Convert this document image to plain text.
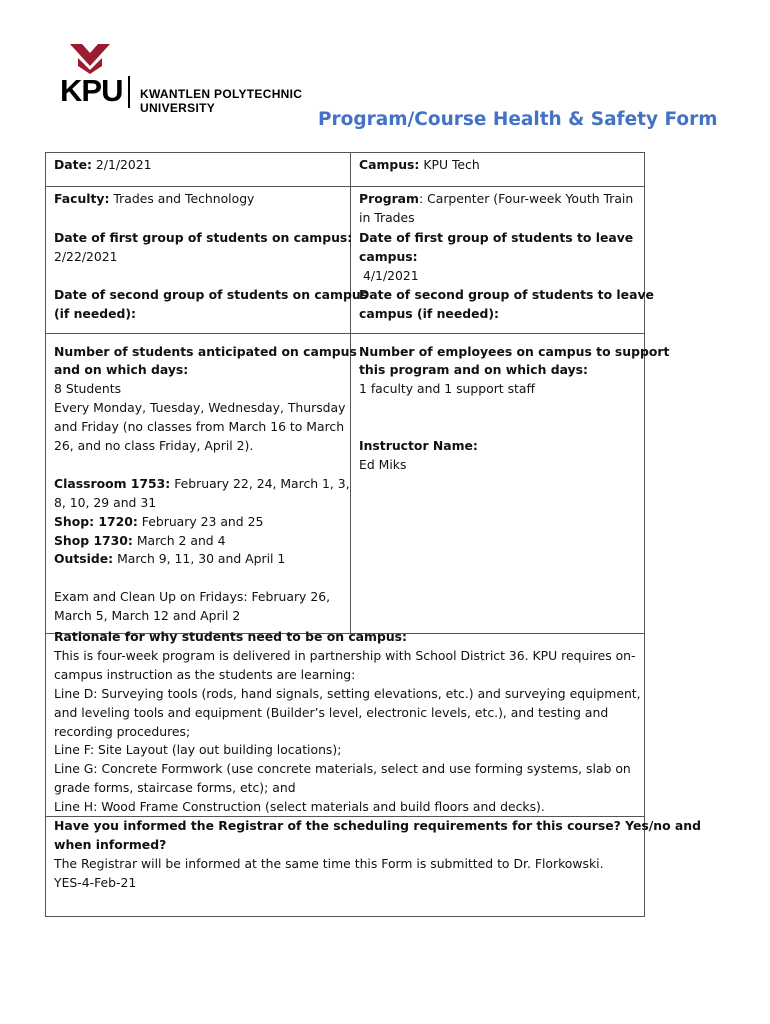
KPU KWANTLEN POLYTECHNIC UNIVERSITY
Program/Course Health & Safety Form
Date: 2/1/2021	Campus: KPU Tech
Faculty: Trades and Technology
Date of first group of students on campus:
2/22/2021
Date of second group of students on campus
(if needed):
Program: Carpenter (Four-week Youth Train
in Trades
Date of first group of students to leave
campus:
4/1/2021
Date of second group of students to leave
campus (if needed):
Number of students anticipated on campus
and on which days:
8 Students
Every Monday, Tuesday, Wednesday, Thursday
and Friday (no classes from March 16 to March
26, and no class Friday, April 2).
Classroom 1753: February 22, 24, March 1, 3,
8, 10, 29 and 31
Shop: 1720: February 23 and 25
Shop 1730: March 2 and 4
Outside: March 9, 11, 30 and April 1
Exam and Clean Up on Fridays: February 26,
March 5, March 12 and April 2
Number of employees on campus to support
this program and on which days:
1 faculty and 1 support staff
Instructor Name:
Ed Miks
Rationale for why students need to be on campus:
This is four-week program is delivered in partnership with School District 36. KPU requires on-
campus instruction as the students are learning:
Line D: Surveying tools (rods, hand signals, setting elevations, etc.) and surveying equipment,
and leveling tools and equipment (Builder’s level, electronic levels, etc.), and testing and
recording procedures;
Line F: Site Layout (lay out building locations);
Line G: Concrete Formwork (use concrete materials, select and use forming systems, slab on
grade forms, staircase forms, etc); and
Line H: Wood Frame Construction (select materials and build floors and decks).
Have you informed the Registrar of the scheduling requirements for this course? Yes/no and
when informed?
The Registrar will be informed at the same time this Form is submitted to Dr. Florkowski.
YES-4-Feb-21
